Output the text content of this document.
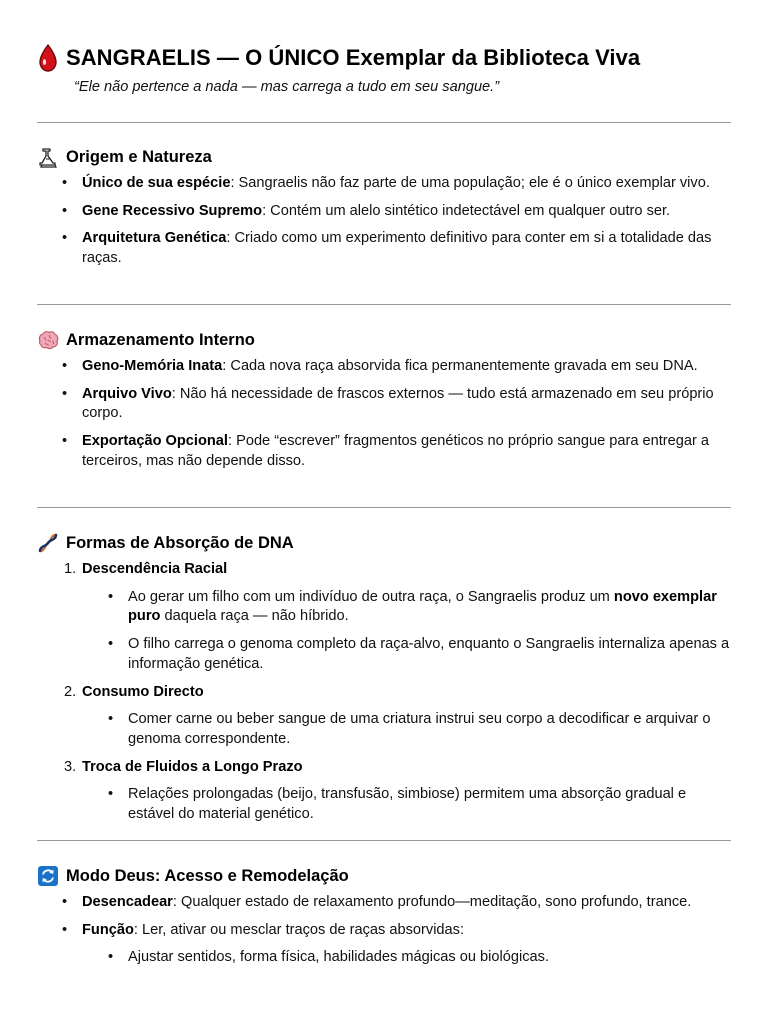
SANGRAELIS — O ÚNICO Exemplar da Biblioteca Viva
“Ele não pertence a nada — mas carrega a tudo em seu sangue.”
Origem e Natureza
• Único de sua espécie: Sangraelis não faz parte de uma população; ele é o único exemplar vivo.
• Gene Recessivo Supremo: Contém um alelo sintético indetectável em qualquer outro ser.
• Arquitetura Genética: Criado como um experimento definitivo para conter em si a totalidade das raças.
Armazenamento Interno
• Geno-Memória Inata: Cada nova raça absorvida fica permanentemente gravada em seu DNA.
• Arquivo Vivo: Não há necessidade de frascos externos — tudo está armazenado em seu próprio corpo.
• Exportação Opcional: Pode “escrever” fragmentos genéticos no próprio sangue para entregar a terceiros, mas não depende disso.
Formas de Absorção de DNA
1. Descendência Racial
• Ao gerar um filho com um indivíduo de outra raça, o Sangraelis produz um novo exemplar puro daquela raça — não híbrido.
• O filho carrega o genoma completo da raça-alvo, enquanto o Sangraelis internaliza apenas a informação genética.
2. Consumo Directo
• Comer carne ou beber sangue de uma criatura instrui seu corpo a decodificar e arquivar o genoma correspondente.
3. Troca de Fluidos a Longo Prazo
• Relações prolongadas (beijo, transfusão, simbiose) permitem uma absorção gradual e estável do material genético.
Modo Deus: Acesso e Remodelação
• Desencadear: Qualquer estado de relaxamento profundo—meditação, sono profundo, trance.
• Função: Ler, ativar ou mesclar traços de raças absorvidas:
• Ajustar sentidos, forma física, habilidades mágicas ou biológicas.
